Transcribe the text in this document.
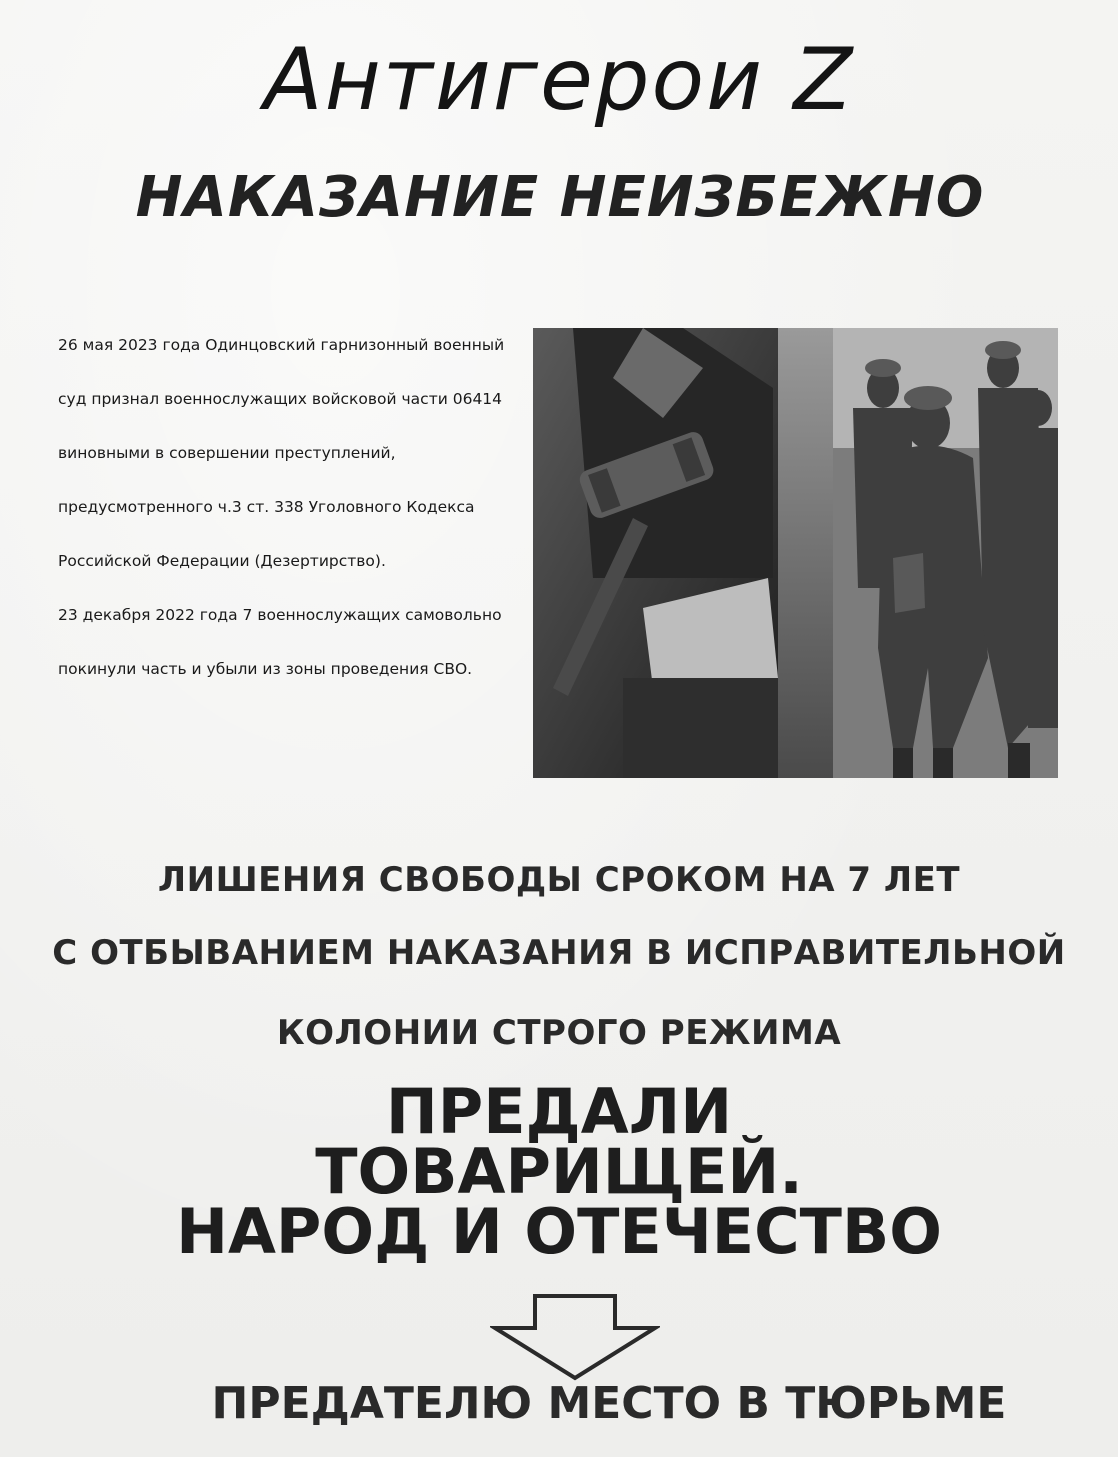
Антигерои Z
НАКАЗАНИЕ НЕИЗБЕЖНО

26 мая 2023 года Одинцовский гарнизонный военный суд признал военнослужащих войсковой части 06414 виновными в совершении преступлений, предусмотренного ч.3 ст. 338 Уголовного Кодекса Российской Федерации (Дезертирство).

23 декабря 2022 года 7 военнослужащих самовольно покинули часть и убыли из зоны проведения СВО.

ЛИШЕНИЯ СВОБОДЫ СРОКОМ НА 7 ЛЕТ

С ОТБЫВАНИЕМ НАКАЗАНИЯ В ИСПРАВИТЕЛЬНОЙ

КОЛОНИИ СТРОГО РЕЖИМА

ПРЕДАЛИ
ТОВАРИЩЕЙ.
НАРОД И ОТЕЧЕСТВО

ПРЕДАТЕЛЮ МЕСТО В ТЮРЬМЕ
